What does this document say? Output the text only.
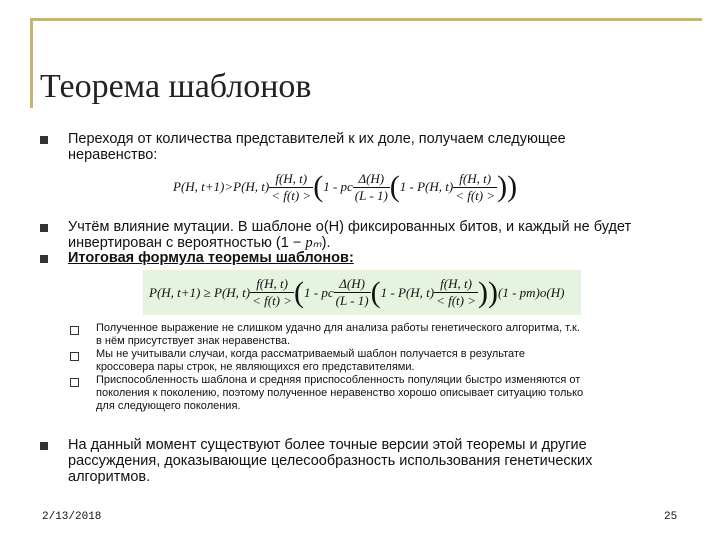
Теорема шаблонов
Переходя от количества представителей к их доле, получаем следующее
неравенство:
P(H, t+1)>P(H, $t) \frac{f(H, t)}{< f(t) >}$ ( 1 - pc $\frac{\Delta(H)}{(L - 1)}$ ( 1 - P(H, $t) \frac{f(H, t)}{< f(t) >}$ ))
Учтём влияние мутации. В шаблоне o(H) фиксированных битов, и каждый не будет
инвертирован с вероятностью (1 − pₘ).
Итоговая формула теоремы шаблонов:
P(H, t+1) ≥ P(H, $t) \frac{f(H, t)}{< f(t) >}$ ( 1 - pc $\frac{\Delta(H)}{(L - 1)}$ ( 1 - P(H, $t) \frac{f(H, t)}{< f(t) >}$ )) (1 - pm)o(H)
Полученное выражение не слишком удачно для анализа работы генетического алгоритма, т.к.
в нём присутствует знак неравенства.
Мы не учитывали случаи, когда рассматриваемый шаблон получается в результате
кроссовера пары строк, не являющихся его представителями.
Приспособленность шаблона и средняя приспособленность популяции быстро изменяются от
поколения к поколению, поэтому полученное неравенство хорошо описывает ситуацию только
для следующего поколения.
На данный момент существуют более точные версии этой теоремы и другие
рассуждения, доказывающие целесообразность использования генетических
алгоритмов.
2/13/2018	25
